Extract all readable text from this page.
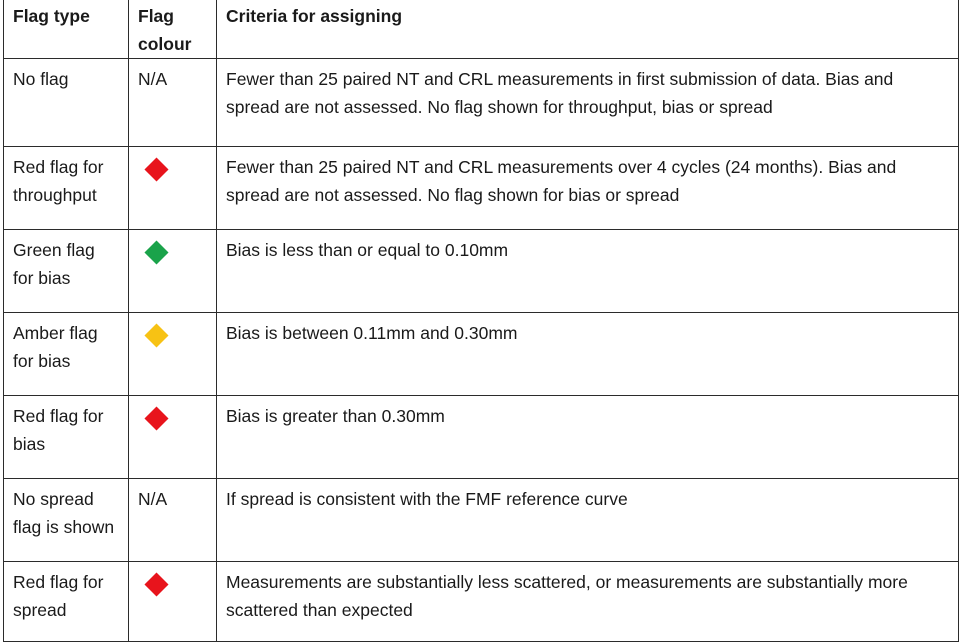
Flag type	Flag colour	Criteria for assigning
No flag	N/A	Fewer than 25 paired NT and CRL measurements in first submission of data. Bias and spread are not assessed. No flag shown for throughput, bias or spread
Red flag for throughput		Fewer than 25 paired NT and CRL measurements over 4 cycles (24 months). Bias and spread are not assessed. No flag shown for bias or spread
Green flag for bias		Bias is less than or equal to 0.10mm
Amber flag for bias		Bias is between 0.11mm and 0.30mm
Red flag for bias		Bias is greater than 0.30mm
No spread flag is shown	N/A	If spread is consistent with the FMF reference curve
Red flag for spread		Measurements are substantially less scattered, or measurements are substantially more scattered than expected
